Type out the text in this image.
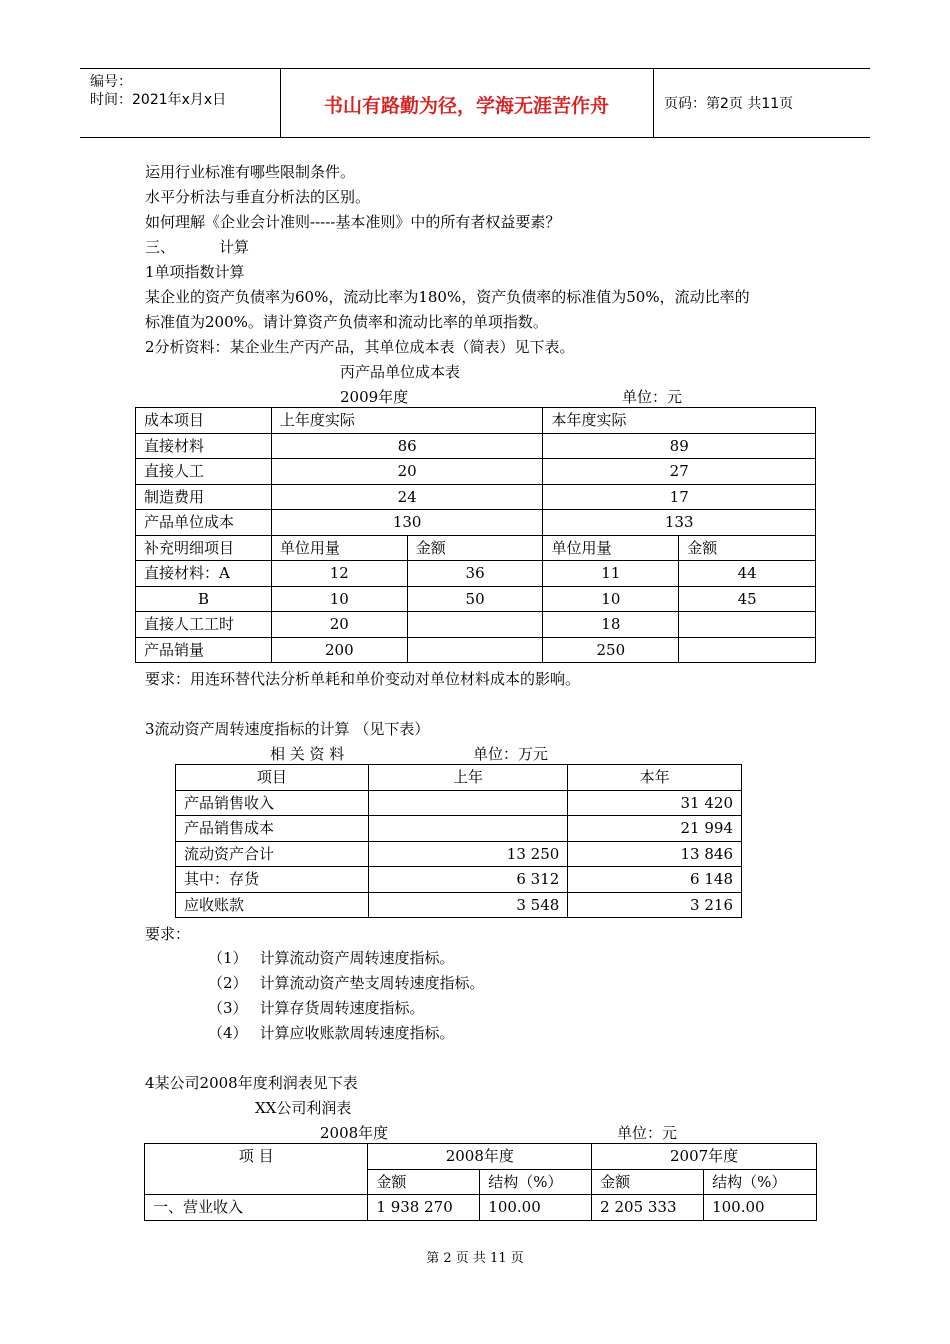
编号：
时间：2021年x月x日	书山有路勤为径，学海无涯苦作舟	页码：第2页 共11页
运用行业标准有哪些限制条件。
水平分析法与垂直分析法的区别。
如何理解《企业会计准则-----基本准则》中的所有者权益要素？
三、	计算
1单项指数计算
某企业的资产负债率为60%，流动比率为180%，资产负债率的标准值为50%，流动比率的
标准值为200%。请计算资产负债率和流动比率的单项指数。
2分析资料：某企业生产丙产品，其单位成本表（简表）见下表。
丙产品单位成本表
2009年度	单位：元
成本项目	上年度实际		本年度实际	
直接材料	86		89	
直接人工	20		27	
制造费用	24		17	
产品单位成本	130		133	
补充明细项目	单位用量	金额	单位用量	金额
直接材料：A	12	36	11	44
B	10	50	10	45
直接人工工时	20		18	
产品销量	200		250	
要求：用连环替代法分析单耗和单价变动对单位材料成本的影响。
3流动资产周转速度指标的计算 （见下表）
相 关 资 料	单位：万元
项目	上年	本年
产品销售收入		31 420
产品销售成本		21 994
流动资产合计	13 250	13 846
其中：存货	6 312	6 148
应收账款	3 548	3 216
要求：
（1） 计算流动资产周转速度指标。
（2） 计算流动资产垫支周转速度指标。
（3） 计算存货周转速度指标。
（4） 计算应收账款周转速度指标。
4某公司2008年度利润表见下表
XX公司利润表
2008年度	单位：元
项 目	2008年度		2007年度	
	金额	结构（%）	金额	结构（%）
一、营业收入	1 938 270	100.00	2 205 333	100.00
第 2 页 共 11 页
